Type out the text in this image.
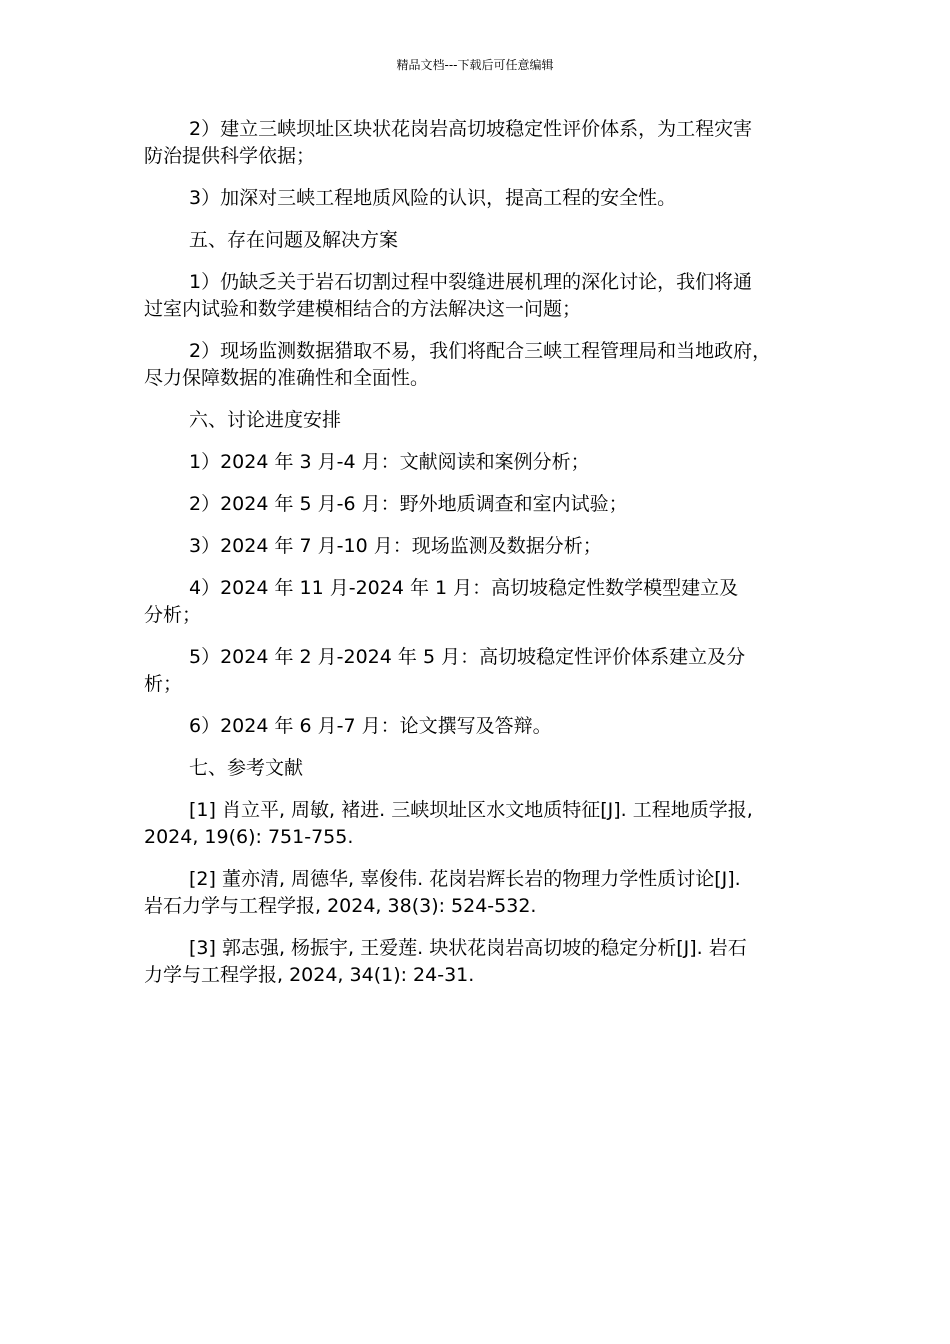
精品文档---下载后可任意编辑

2）建立三峡坝址区块状花岗岩高切坡稳定性评价体系，为工程灾害
防治提供科学依据；

3）加深对三峡工程地质风险的认识，提高工程的安全性。

五、存在问题及解决方案

1）仍缺乏关于岩石切割过程中裂缝进展机理的深化讨论，我们将通
过室内试验和数学建模相结合的方法解决这一问题；

2）现场监测数据猎取不易，我们将配合三峡工程管理局和当地政府，
尽力保障数据的准确性和全面性。

六、讨论进度安排

1）2024 年 3 月-4 月：文献阅读和案例分析；

2）2024 年 5 月-6 月：野外地质调查和室内试验；

3）2024 年 7 月-10 月：现场监测及数据分析；

4）2024 年 11 月-2024 年 1 月：高切坡稳定性数学模型建立及
分析；

5）2024 年 2 月-2024 年 5 月：高切坡稳定性评价体系建立及分
析；

6）2024 年 6 月-7 月：论文撰写及答辩。

七、参考文献

[1] 肖立平, 周敏, 褚进. 三峡坝址区水文地质特征[J]. 工程地质学报,
2024, 19(6): 751-755.

[2] 董亦清, 周德华, 辜俊伟. 花岗岩辉长岩的物理力学性质讨论[J].
岩石力学与工程学报, 2024, 38(3): 524-532.

[3] 郭志强, 杨振宇, 王爱莲. 块状花岗岩高切坡的稳定分析[J]. 岩石
力学与工程学报, 2024, 34(1): 24-31.
